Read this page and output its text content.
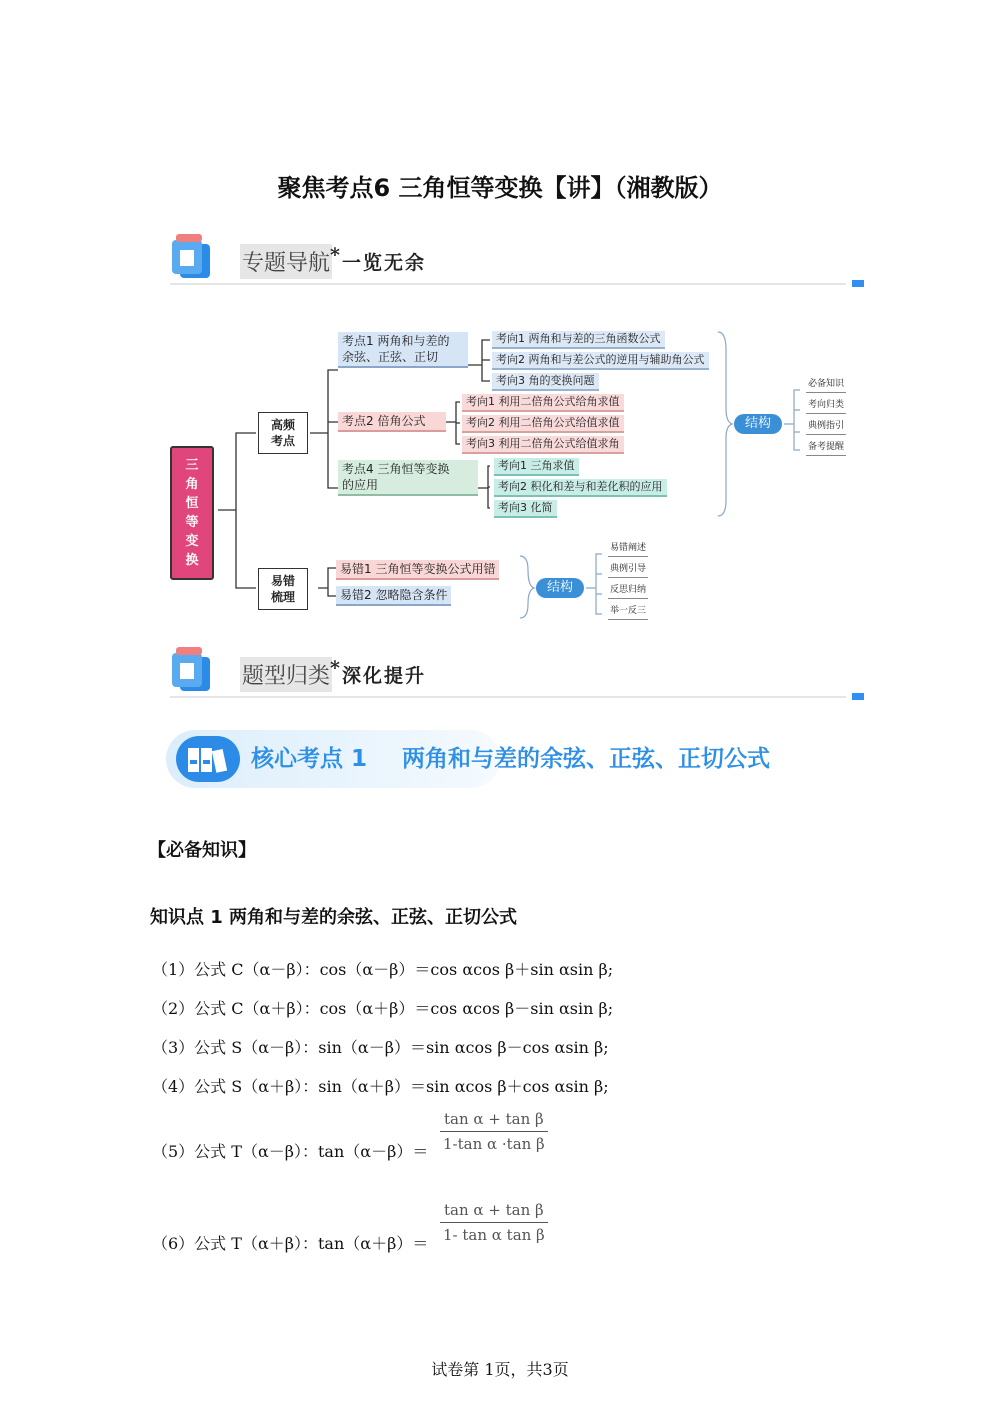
聚焦考点6 三角恒等变换【讲】（湘教版）
专题导航 * 一览无余
三
角
恒
等
变
换
高频
考点
易错
梳理
考点1 两角和与差的
余弦、正弦、正切
考向1 两角和与差的三角函数公式
考向2 两角和与差公式的逆用与辅助角公式
考向3 角的变换问题
考点2 倍角公式
考向1 利用二倍角公式给角求值
考向2 利用二倍角公式给值求值
考向3 利用二倍角公式给值求角
考点4 三角恒等变换
的应用
考向1 三角求值
考向2 积化和差与和差化积的应用
考向3 化简
结构
必备知识
考向归类
典例指引
备考提醒
易错1 三角恒等变换公式用错
易错2 忽略隐含条件	结构
易错阐述
典例引导
反思归纳
举一反三
题型归类 * 深化提升
核心考点 1 两角和与差的余弦、正弦、正切公式
【必备知识】
知识点 1 两角和与差的余弦、正弦、正切公式
（1）公式 C（α－β）：cos（α－β）＝cos αcos β＋sin αsin β;
（2）公式 C（α＋β）：cos（α＋β）＝cos αcos β－sin αsin β;
（3）公式 S（α－β）：sin（α－β）＝sin αcos β－cos αsin β;
（4）公式 S（α＋β）：sin（α＋β）＝sin αcos β＋cos αsin β;
（5）公式 T（α－β）：$\tan(\alpha-\beta)= \frac{\text{tan α + tan β}}{\text{1-tan α ·tan β}}$
（6）公式 T（α＋β）：$\tan(\alpha+\beta)= \frac{\text{tan α + tan β}}{\text{1- tan α tan β}}$
试卷第 1页，共3页
